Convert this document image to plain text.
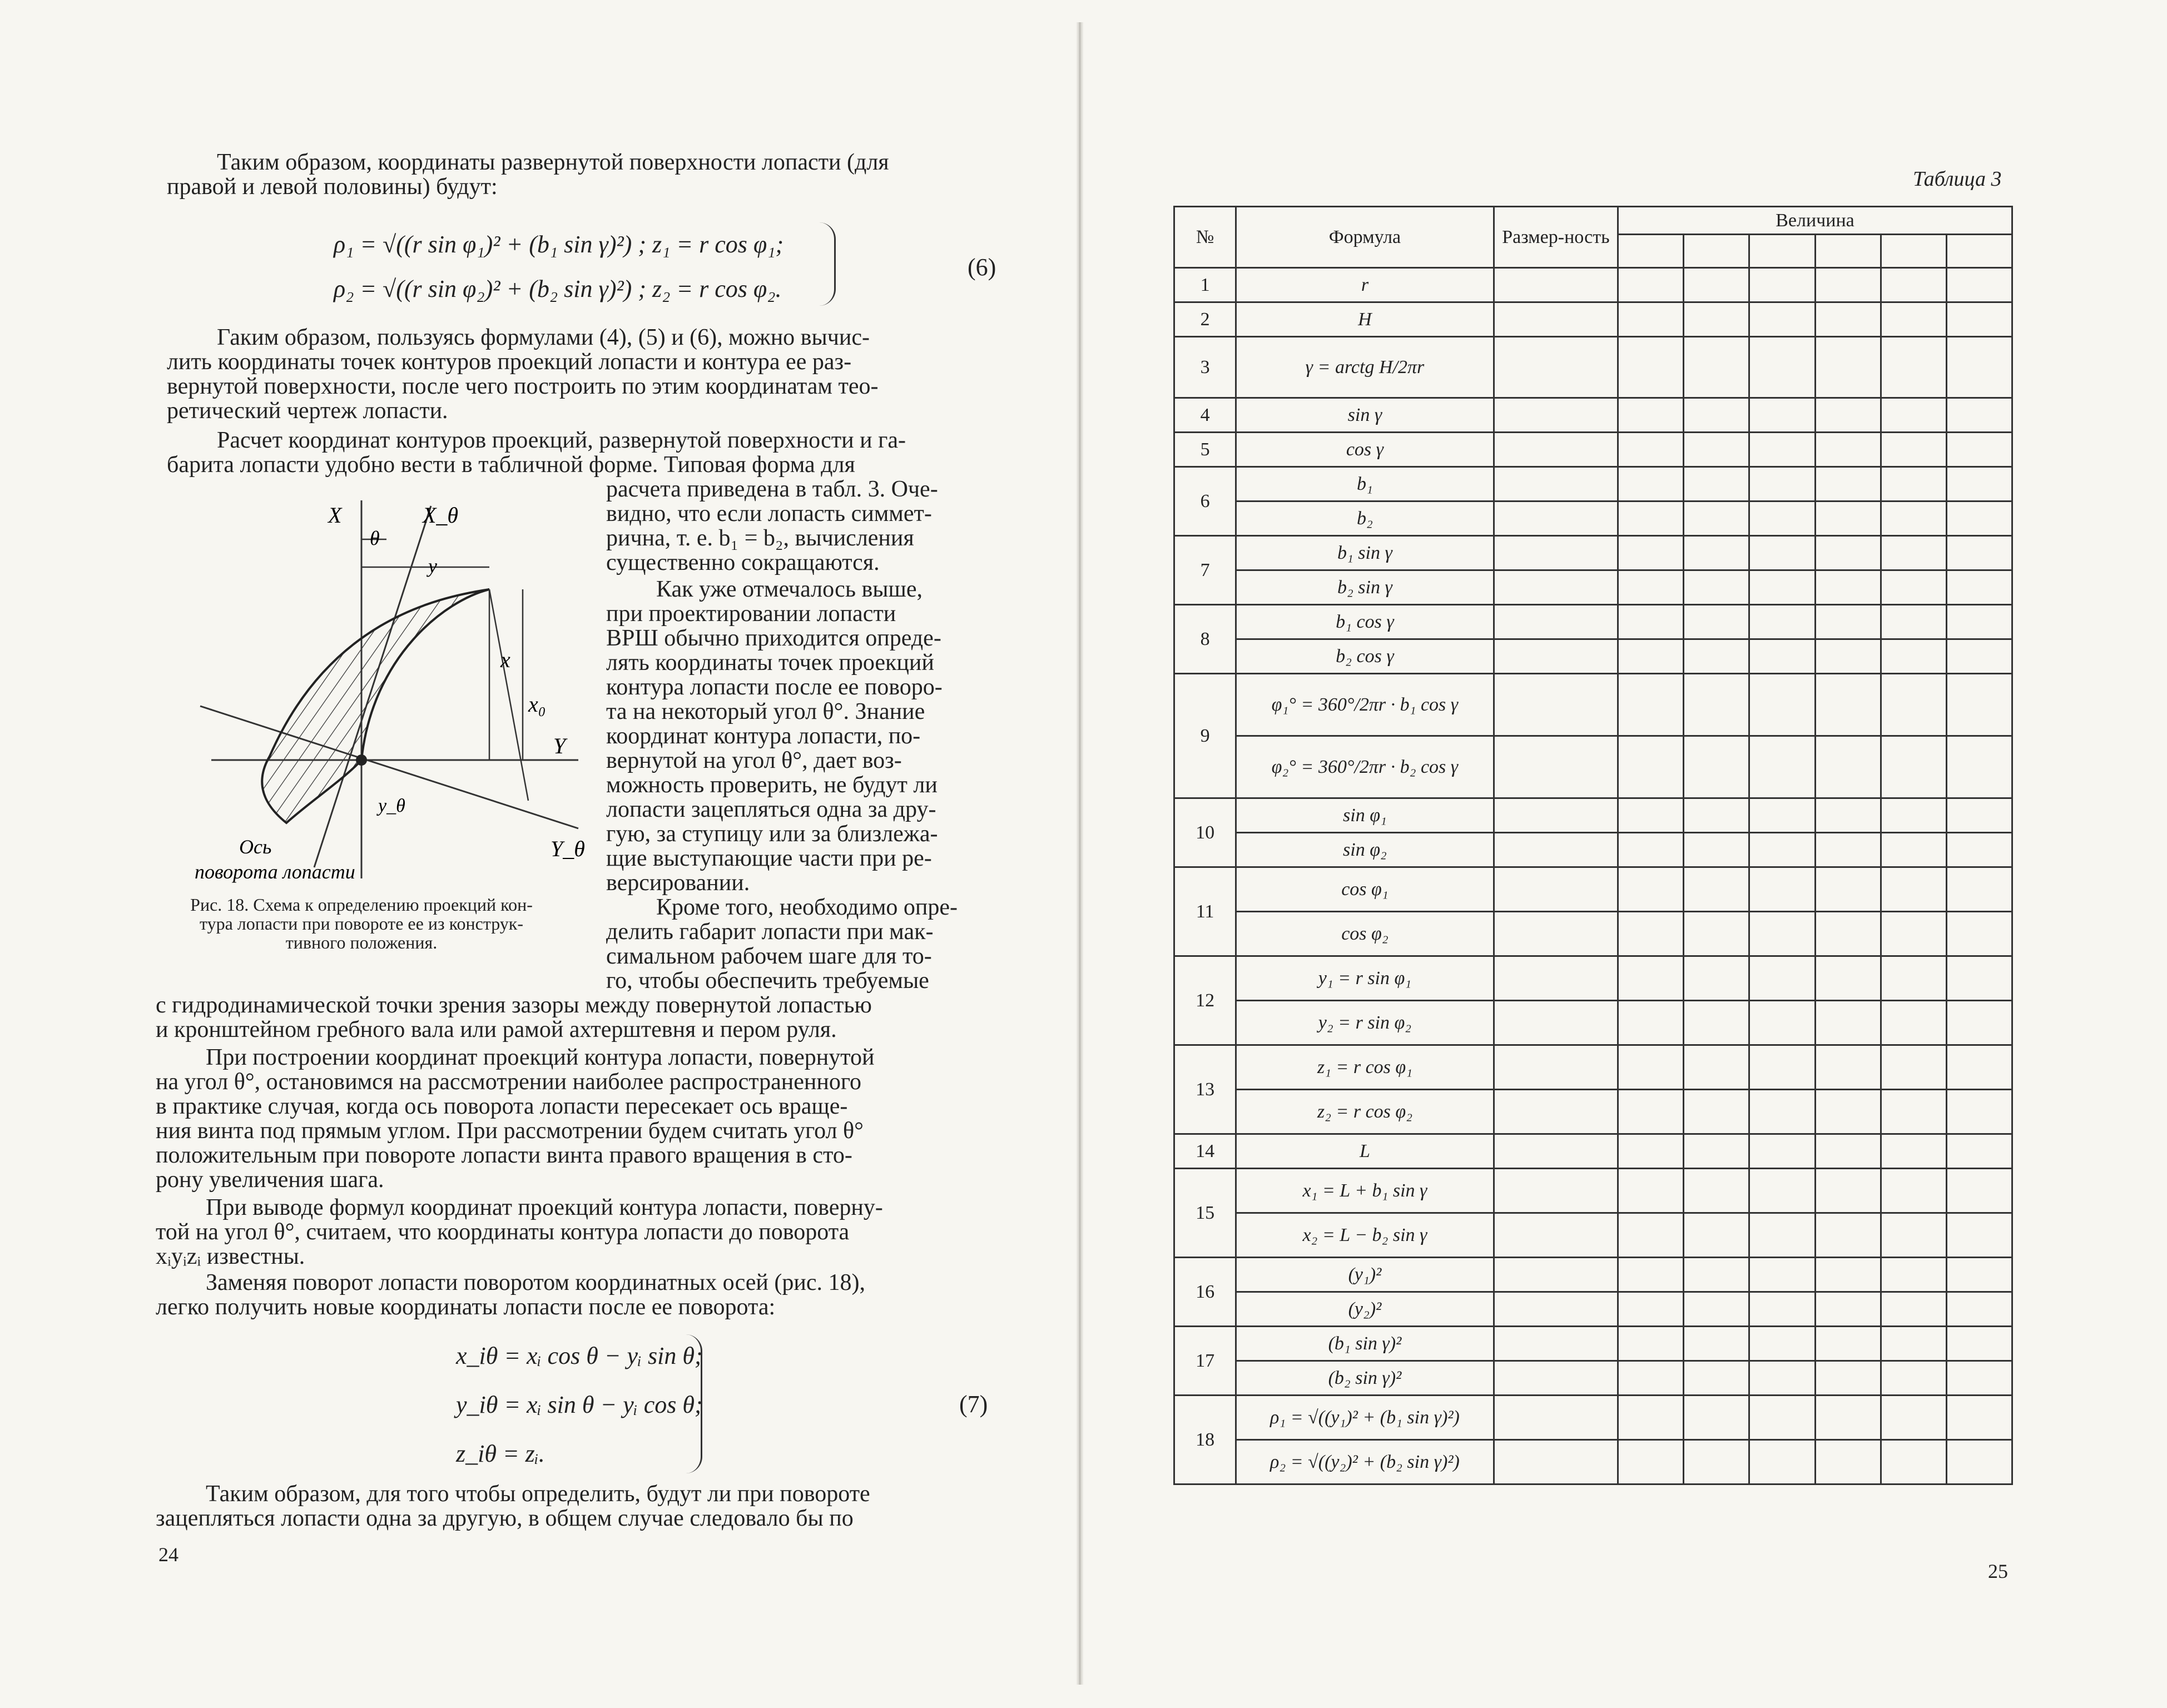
Таким образом, координаты развернутой поверхности лопасти (для
правой и левой половины) будут:
ρ₁ = √((r sin φ₁)² + (b₁ sin γ)²) ; z₁ = r cos φ₁;
ρ₂ = √((r sin φ₂)² + (b₂ sin γ)²) ; z₂ = r cos φ₂.
(6)
Гаким образом, пользуясь формулами (4), (5) и (6), можно вычис-
лить координаты точек контуров проекций лопасти и контура ее раз-
вернутой поверхности, после чего построить по этим координатам тео-
ретический чертеж лопасти.
Расчет координат контуров проекций, развернутой поверхности и га-
барита лопасти удобно вести в табличной форме. Типовая форма для
расчета приведена в табл. 3. Оче-
видно, что если лопасть симмет-
рична, т. е. b₁ = b₂, вычисления
существенно сокращаются.
Как уже отмечалось выше,
при проектировании лопасти
ВРШ обычно приходится опреде-
лять координаты точек проекций
контура лопасти после ее поворо-
та на некоторый угол θ°. Знание
координат контура лопасти, по-
вернутой на угол θ°, дает воз-
можность проверить, не будут ли
лопасти зацепляться одна за дру-
гую, за ступицу или за близлежа-
щие выступающие части при ре-
версировании.
Кроме того, необходимо опре-
делить габарит лопасти при мак-
симальном рабочем шаге для то-
го, чтобы обеспечить требуемые
X	X_θ
θ
y
x
x₀
Y
y_θ
Y_θ
Ось
поворота лопасти
Рис. 18. Схема к определению проекций кон-
тура лопасти при повороте ее из конструк-
тивного положения.
с гидродинамической точки зрения зазоры между повернутой лопастью
и кронштейном гребного вала или рамой ахтерштевня и пером руля.
При построении координат проекций контура лопасти, повернутой
на угол θ°, остановимся на рассмотрении наиболее распространенного
в практике случая, когда ось поворота лопасти пересекает ось враще-
ния винта под прямым углом. При рассмотрении будем считать угол θ°
положительным при повороте лопасти винта правого вращения в сто-
рону увеличения шага.
При выводе формул координат проекций контура лопасти, поверну-
той на угол θ°, считаем, что координаты контура лопасти до поворота
xᵢyᵢzᵢ известны.
Заменяя поворот лопасти поворотом координатных осей (рис. 18),
легко получить новые координаты лопасти после ее поворота:
x_iθ = xᵢ cos θ − yᵢ sin θ;
y_iθ = xᵢ sin θ − yᵢ cos θ;
z_iθ = zᵢ.
(7)
Таким образом, для того чтобы определить, будут ли при повороте
зацепляться лопасти одна за другую, в общем случае следовало бы по
24
Таблица 3
№	Формула	Размер-ность	Величина					

1	r							
2	H							
3	γ = arctg H/2πr							
4	sin γ							
5	cos γ							
6	b₁							
	b₂							
7	b₁ sin γ							
	b₂ sin γ							
8	b₁ cos γ							
	b₂ cos γ							
9	φ₁° = 360°/2πr · b₁ cos γ							
	φ₂° = 360°/2πr · b₂ cos γ							
10	sin φ₁							
	sin φ₂							
11	cos φ₁							
	cos φ₂							
12	y₁ = r sin φ₁							
	y₂ = r sin φ₂							
13	z₁ = r cos φ₁							
	z₂ = r cos φ₂							
14	L							
15	x₁ = L + b₁ sin γ							
	x₂ = L − b₂ sin γ							
16	(y₁)²							
	(y₂)²							
17	(b₁ sin γ)²							
	(b₂ sin γ)²							
18	ρ₁ = √((y₁)² + (b₁ sin γ)²)							
	ρ₂ = √((y₂)² + (b₂ sin γ)²)							
25
